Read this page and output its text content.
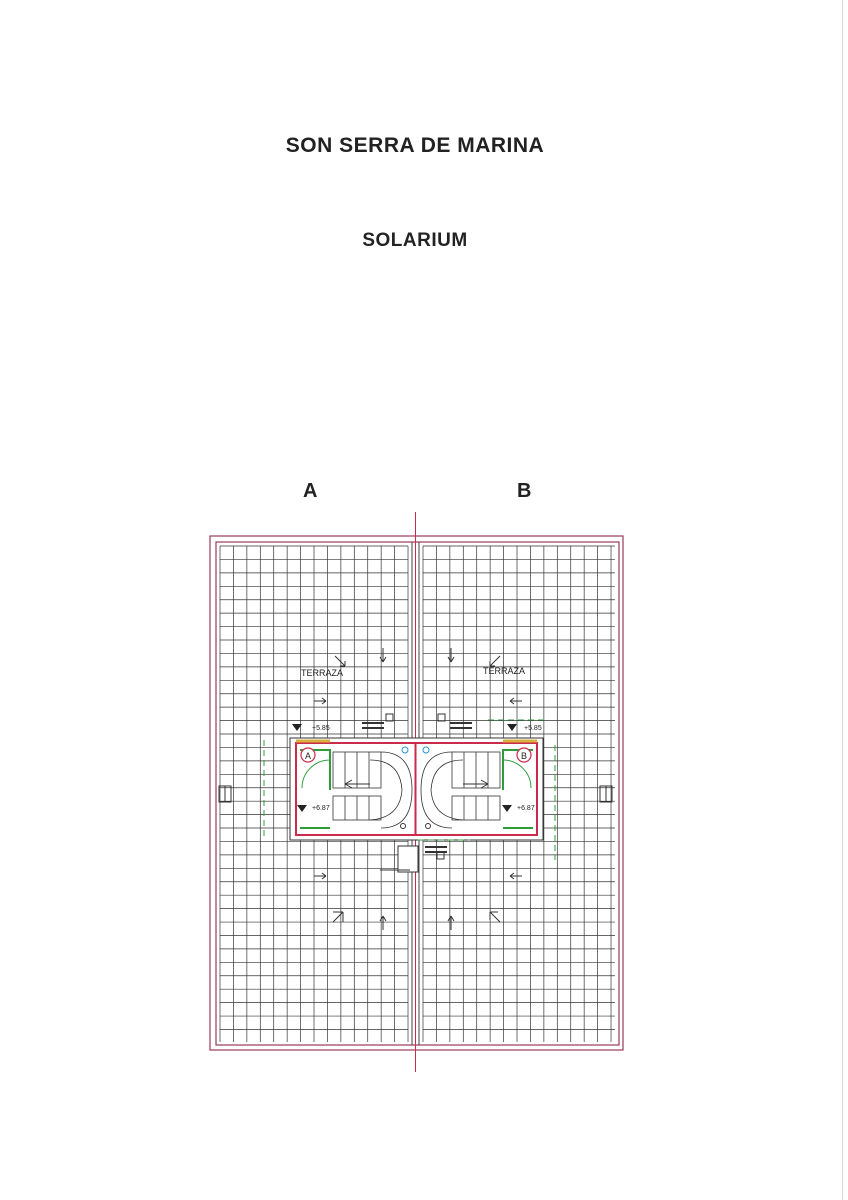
SON SERRA DE MARINA
SOLARIUM
A	B
A	B
+5.85	+5.85
+6.87	+6.87
TERRAZA	TERRAZA
